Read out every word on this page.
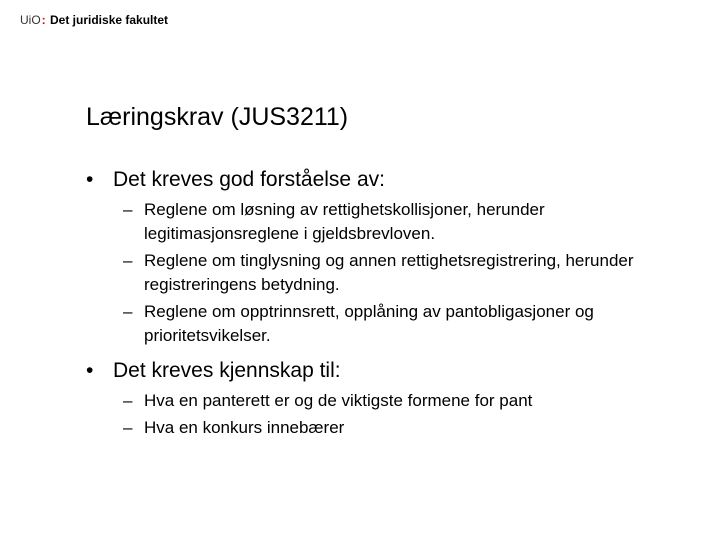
UiO: Det juridiske fakultet
Læringskrav (JUS3211)
• Det kreves god forståelse av:
– Reglene om løsning av rettighetskollisjoner, herunder legitimasjonsreglene i gjeldsbrevloven.
– Reglene om tinglysning og annen rettighetsregistrering, herunder registreringens betydning.
– Reglene om opptrinnsrett, opplåning av pantobligasjoner og prioritetsvikelser.
• Det kreves kjennskap til:
– Hva en panterett er og de viktigste formene for pant
– Hva en konkurs innebærer
